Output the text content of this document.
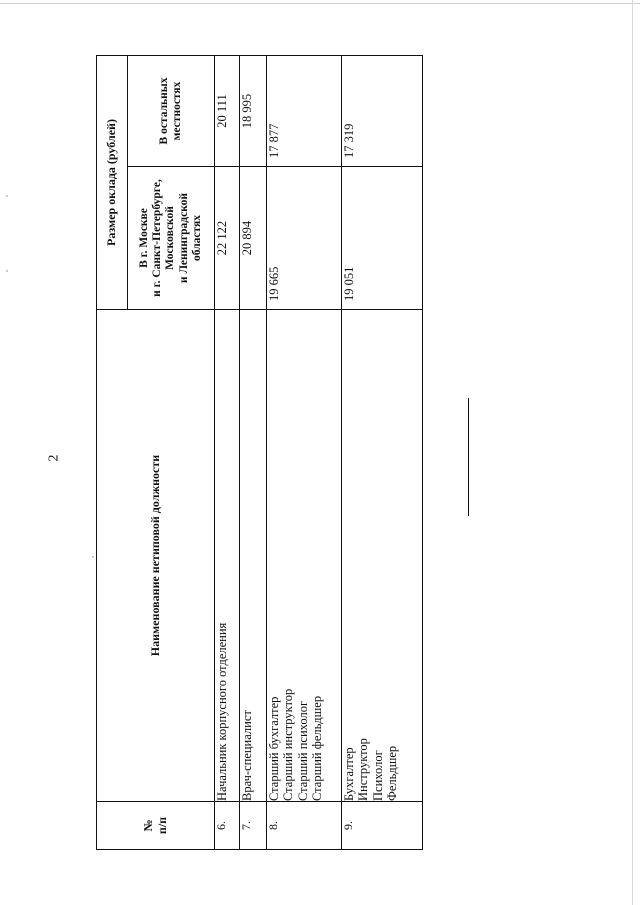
2
№ п/п	Наименование нетиповой должности	Размер оклада (рублей)	

		В г. Москве и г. Санкт-Петербурге, Московской и Ленинградской областях	В остальных местностях

6.	Начальник корпусного отделения	22 122	20 111
7.	Врач-специалист	20 894	18 995
8.	Старший бухгалтер Старший инструктор Старший психолог Старший фельдшер	19 665	17 877
9.	Бухгалтер Инструктор Психолог Фельдшер	19 051	17 319
